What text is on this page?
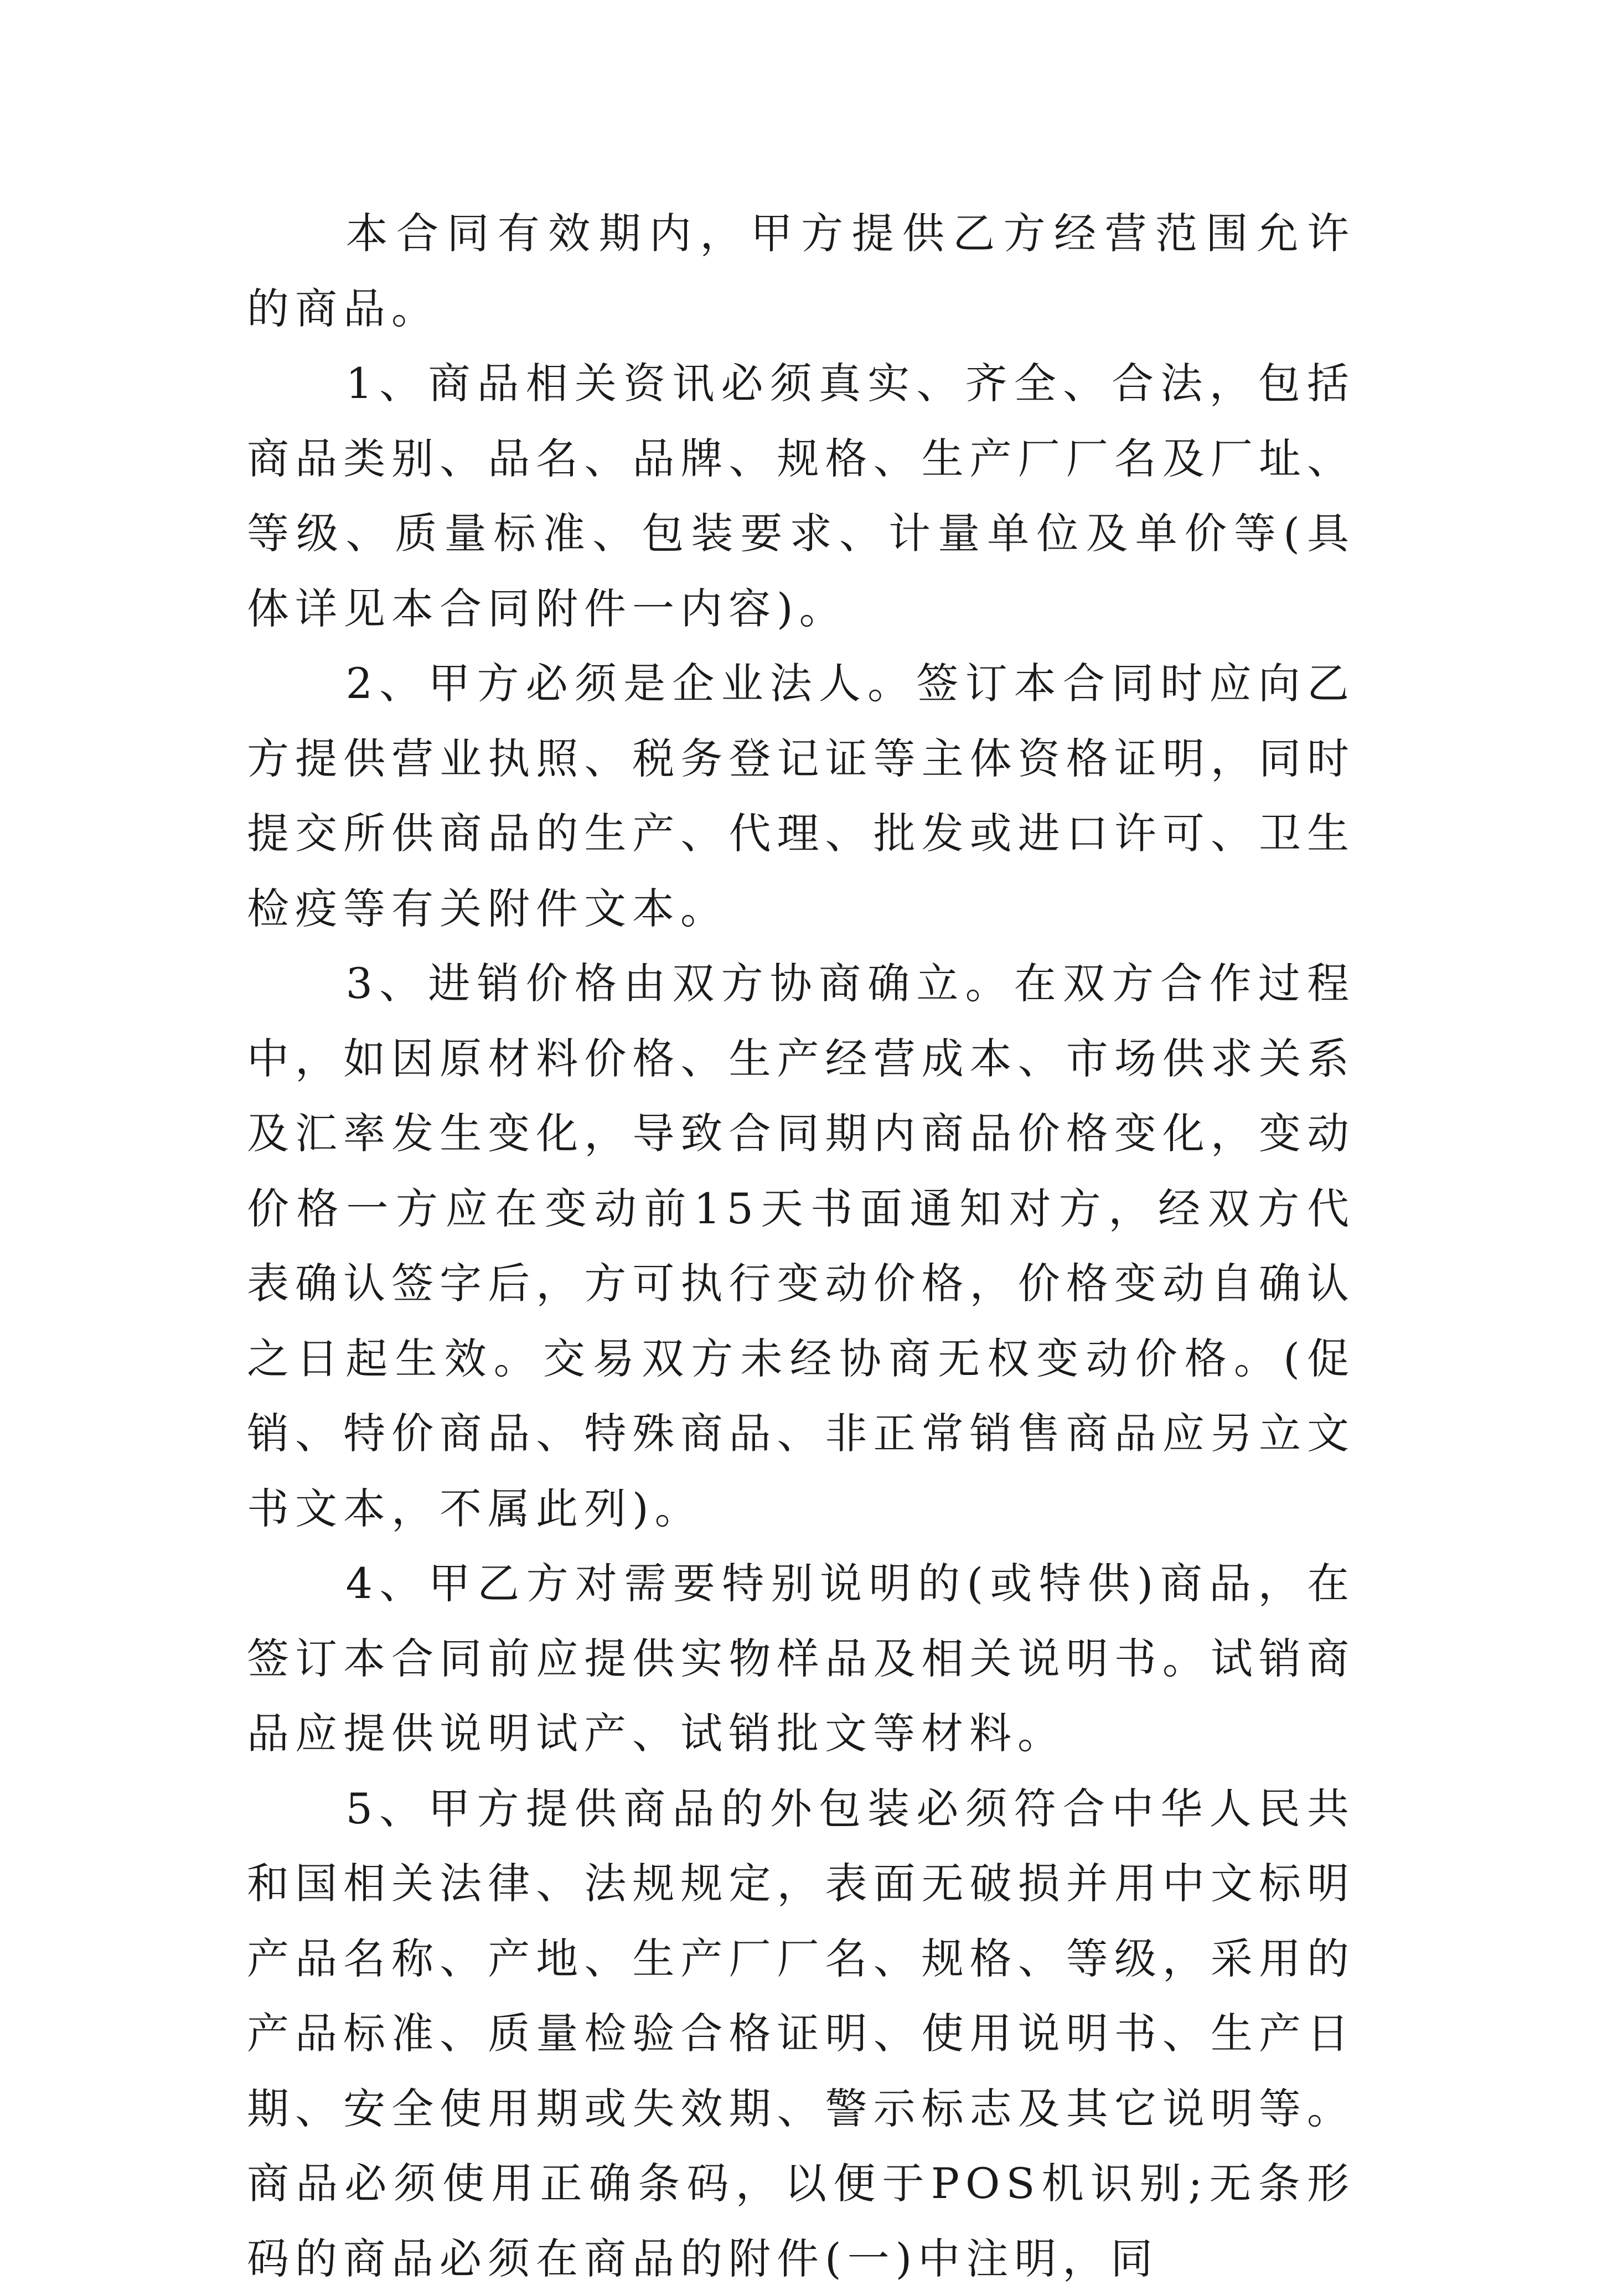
本合同有效期内，甲方提供乙方经营范围允许的商品。

1、商品相关资讯必须真实、齐全、合法，包括商品类别、品名、品牌、规格、生产厂厂名及厂址、等级、质量标准、包装要求、计量单位及单价等(具体详见本合同附件一内容)。

2、甲方必须是企业法人。签订本合同时应向乙方提供营业执照、税务登记证等主体资格证明，同时提交所供商品的生产、代理、批发或进口许可、卫生检疫等有关附件文本。

3、进销价格由双方协商确立。在双方合作过程中，如因原材料价格、生产经营成本、市场供求关系及汇率发生变化，导致合同期内商品价格变化，变动价格一方应在变动前15天书面通知对方，经双方代表确认签字后，方可执行变动价格，价格变动自确认之日起生效。交易双方未经协商无权变动价格。(促销、特价商品、特殊商品、非正常销售商品应另立文书文本，不属此列)。

4、甲乙方对需要特别说明的(或特供)商品，在签订本合同前应提供实物样品及相关说明书。试销商品应提供说明试产、试销批文等材料。

5、甲方提供商品的外包装必须符合中华人民共和国相关法律、法规规定，表面无破损并用中文标明产品名称、产地、生产厂厂名、规格、等级，采用的产品标准、质量检验合格证明、使用说明书、生产日期、安全使用期或失效期、警示标志及其它说明等。商品必须使用正确条码，以便于POS机识别;无条形码的商品必须在商品的附件(一)中注明，同
